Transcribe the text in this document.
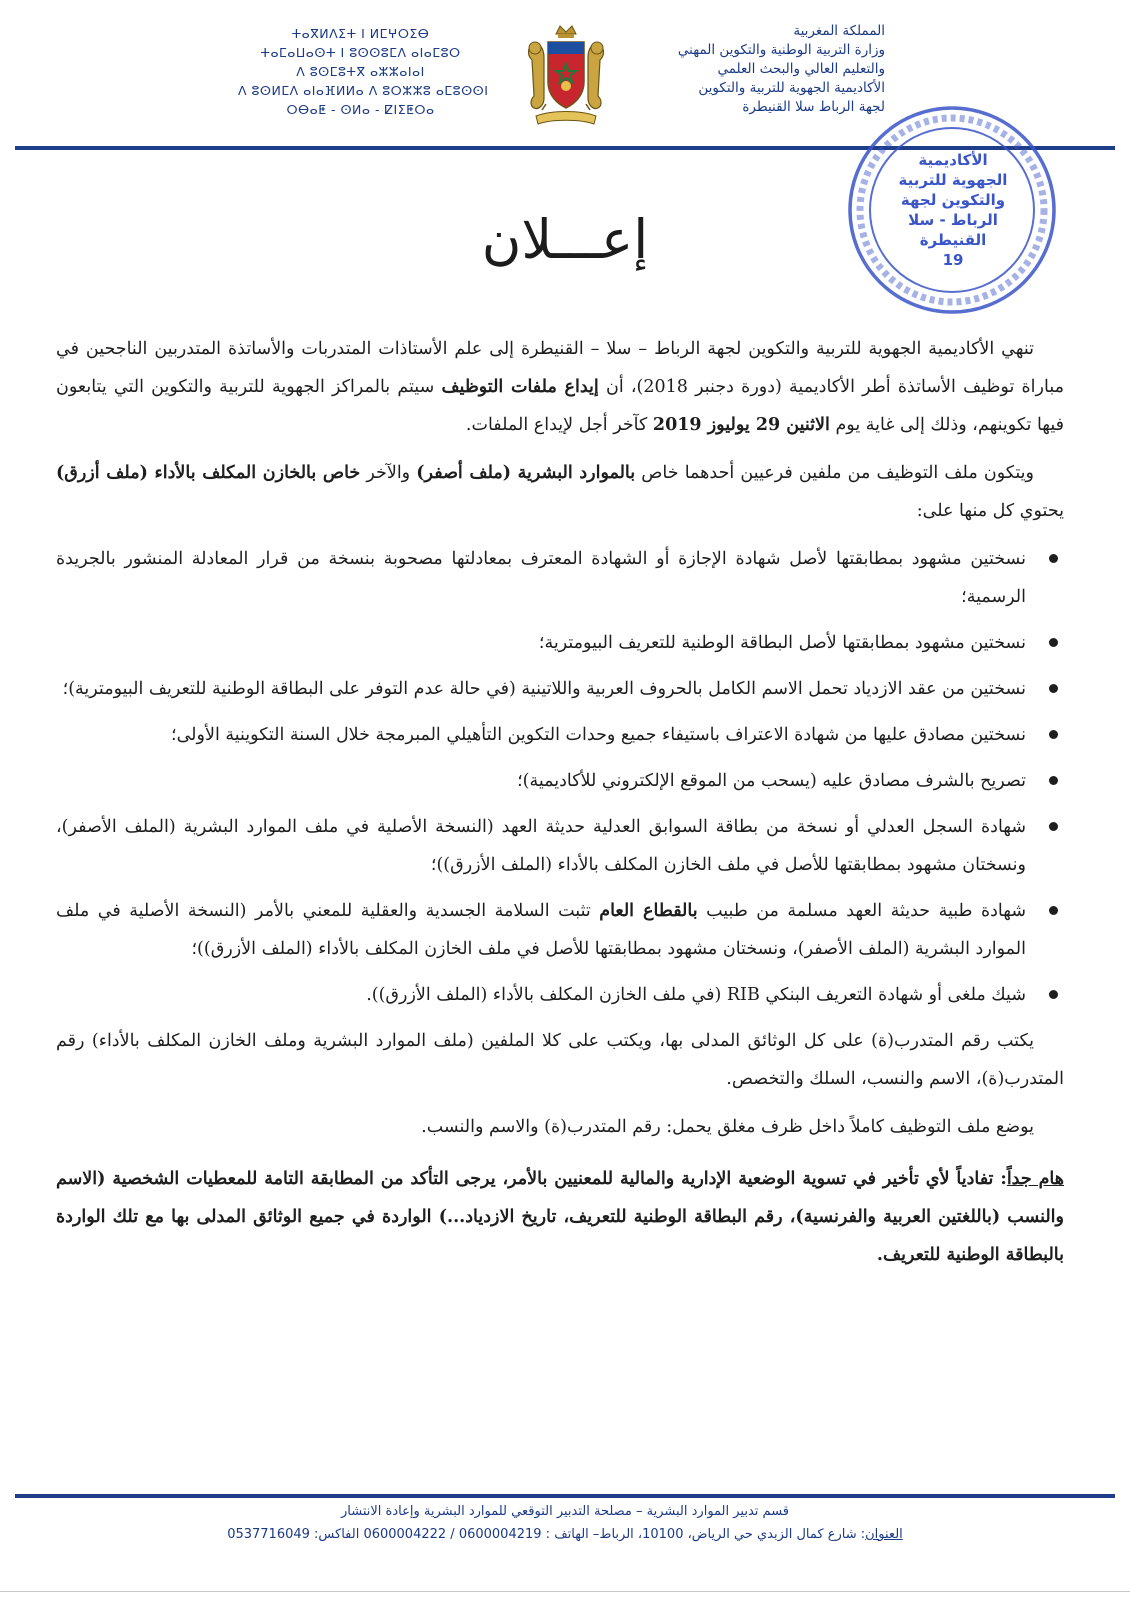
المملكة المغربية
وزارة التربية الوطنية والتكوين المهني
والتعليم العالي والبحث العلمي
الأكاديمية الجهوية للتربية والتكوين
لجهة الرباط سلا القنيطرة
ⵜⴰⴳⵍⴷⵉⵜ ⵏ ⵍⵎⵖⵔⵉⴱ
ⵜⴰⵎⴰⵡⴰⵙⵜ ⵏ ⵓⵙⵙⵓⵎⴷ ⴰⵏⴰⵎⵓⵔ
ⴷ ⵓⵙⵎⵓⵜⴳ ⴰⵣⵣⴰⵏⴰⵏ
ⴷ ⵓⵙⵍⵎⴷ ⴰⵏⴰⴼⵍⵍⴰ ⴷ ⵓⵔⵣⵣⵓ ⴰⵎⵓⵙⵙⵏ
ⵔⴱⴰⵟ - ⵙⵍⴰ - ⵇⵏⵉⵟⵔⴰ
الأكاديمية
الجهوية للتربية
والتكوين لجهة
الرباط - سلا
القنيطرة
19
إعـــلان

تنهي الأكاديمية الجهوية للتربية والتكوين لجهة الرباط – سلا – القنيطرة إلى علم الأستاذات المتدربات والأساتذة المتدربين الناجحين في مباراة توظيف الأساتذة أطر الأكاديمية (دورة دجنبر 2018)، أن إيداع ملفات التوظيف سيتم بالمراكز الجهوية للتربية والتكوين التي يتابعون فيها تكوينهم، وذلك إلى غاية يوم الاثنين 29 يوليوز 2019 كآخر أجل لإيداع الملفات.

ويتكون ملف التوظيف من ملفين فرعيين أحدهما خاص بالموارد البشرية (ملف أصفر) والآخر خاص بالخازن المكلف بالأداء (ملف أزرق) يحتوي كل منها على:

نسختين مشهود بمطابقتها لأصل شهادة الإجازة أو الشهادة المعترف بمعادلتها مصحوبة بنسخة من قرار المعادلة المنشور بالجريدة الرسمية؛
نسختين مشهود بمطابقتها لأصل البطاقة الوطنية للتعريف البيومترية؛
نسختين من عقد الازدياد تحمل الاسم الكامل بالحروف العربية واللاتينية (في حالة عدم التوفر على البطاقة الوطنية للتعريف البيومترية)؛
نسختين مصادق عليها من شهادة الاعتراف باستيفاء جميع وحدات التكوين التأهيلي المبرمجة خلال السنة التكوينية الأولى؛
تصريح بالشرف مصادق عليه (يسحب من الموقع الإلكتروني للأكاديمية)؛
شهادة السجل العدلي أو نسخة من بطاقة السوابق العدلية حديثة العهد (النسخة الأصلية في ملف الموارد البشرية (الملف الأصفر)، ونسختان مشهود بمطابقتها للأصل في ملف الخازن المكلف بالأداء (الملف الأزرق))؛
شهادة طبية حديثة العهد مسلمة من طبيب بالقطاع العام تثبت السلامة الجسدية والعقلية للمعني بالأمر (النسخة الأصلية في ملف الموارد البشرية (الملف الأصفر)، ونسختان مشهود بمطابقتها للأصل في ملف الخازن المكلف بالأداء (الملف الأزرق))؛
شيك ملغى أو شهادة التعريف البنكي RIB (في ملف الخازن المكلف بالأداء (الملف الأزرق)).

يكتب رقم المتدرب(ة) على كل الوثائق المدلى بها، ويكتب على كلا الملفين (ملف الموارد البشرية وملف الخازن المكلف بالأداء) رقم المتدرب(ة)، الاسم والنسب، السلك والتخصص.

يوضع ملف التوظيف كاملاً داخل ظرف مغلق يحمل: رقم المتدرب(ة) والاسم والنسب.

هام جداً: تفادياً لأي تأخير في تسوية الوضعية الإدارية والمالية للمعنيين بالأمر، يرجى التأكد من المطابقة التامة للمعطيات الشخصية (الاسم والنسب (باللغتين العربية والفرنسية)، رقم البطاقة الوطنية للتعريف، تاريخ الازدياد...) الواردة في جميع الوثائق المدلى بها مع تلك الواردة بالبطاقة الوطنية للتعريف.

قسم تدبير الموارد البشرية – مصلحة التدبير التوقعي للموارد البشرية وإعادة الانتشار
العنوان: شارع كمال الزبدي حي الرياض، 10100، الرباط– الهاتف : 0600004219 / 0600004222 الفاكس: 0537716049
